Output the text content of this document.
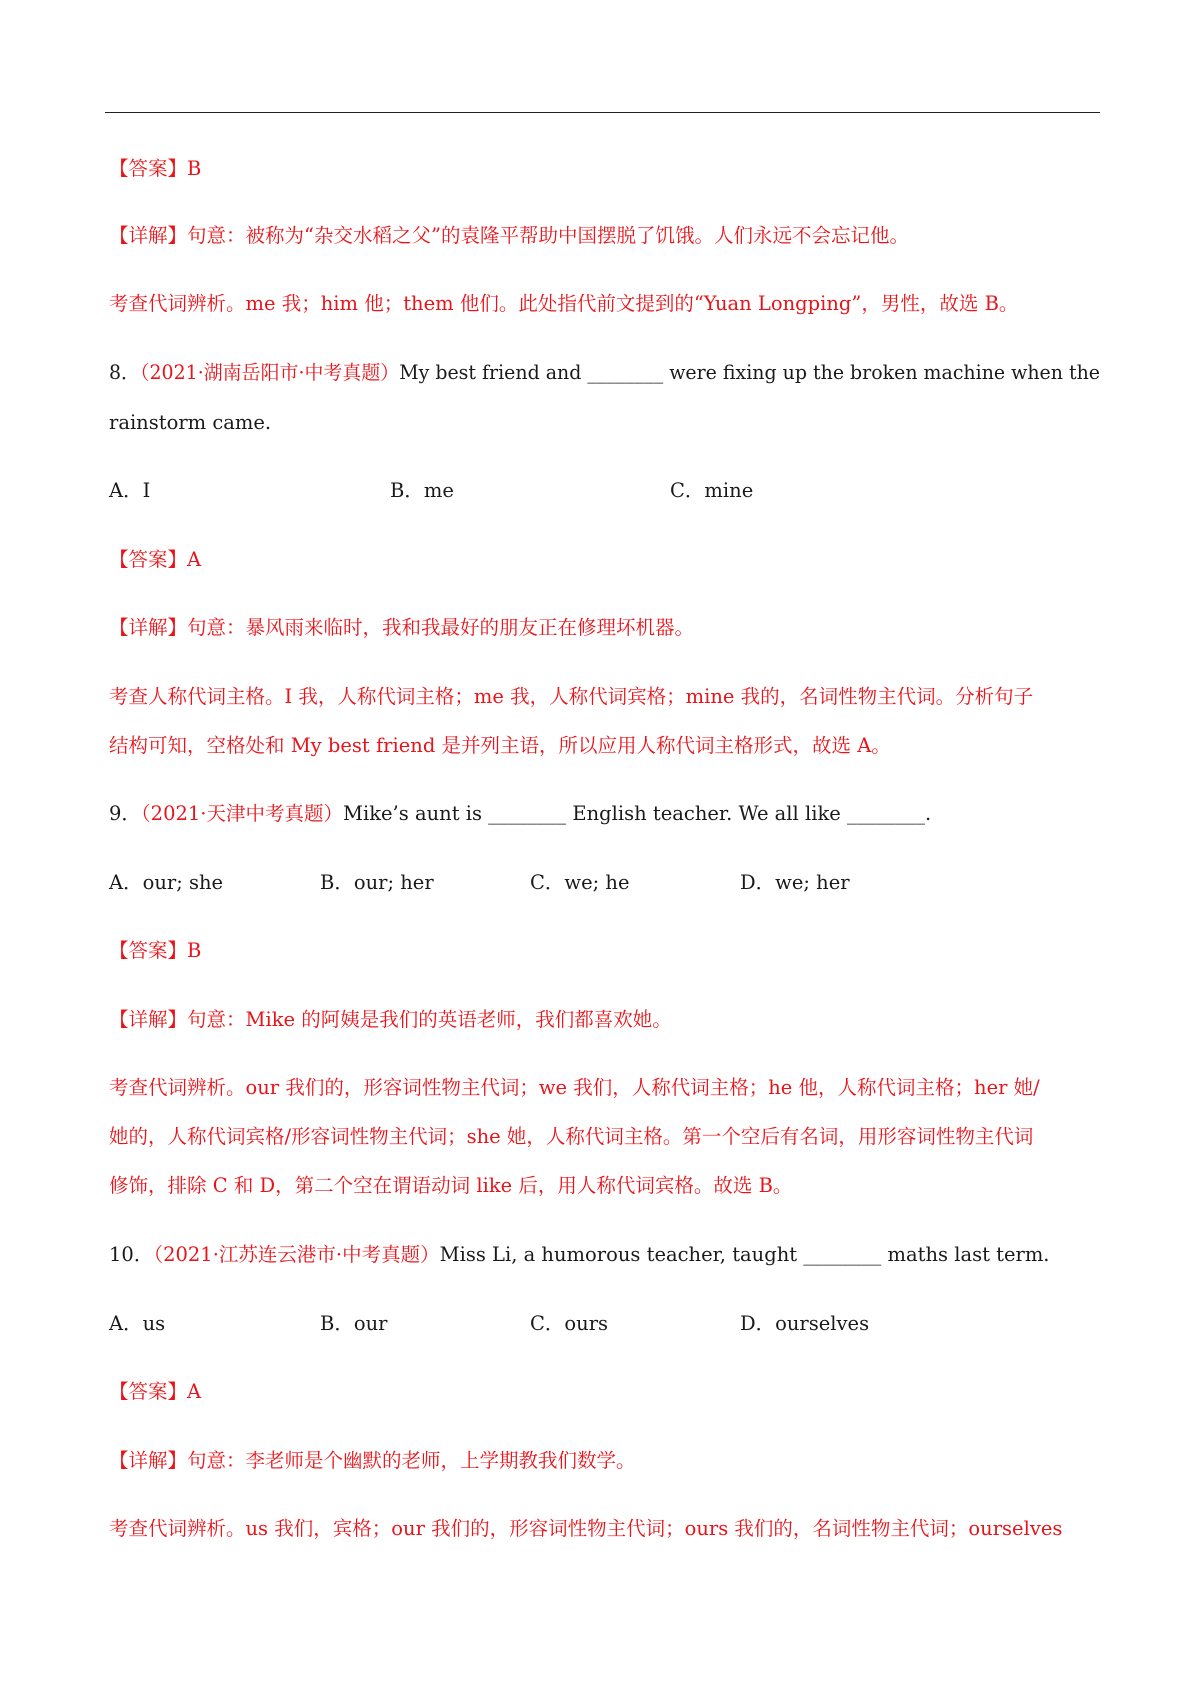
【答案】B
【详解】句意：被称为“杂交水稻之父”的袁隆平帮助中国摆脱了饥饿。人们永远不会忘记他。
考查代词辨析。me 我；him 他；them 他们。此处指代前文提到的“Yuan Longping”，男性，故选 B。
8．（2021·湖南岳阳市·中考真题）My best friend and ________ were fixing up the broken machine when the
rainstorm came.
A．I	B．me	C．mine
【答案】A
【详解】句意：暴风雨来临时，我和我最好的朋友正在修理坏机器。
考查人称代词主格。I 我，人称代词主格；me 我，人称代词宾格；mine 我的，名词性物主代词。分析句子
结构可知，空格处和 My best friend 是并列主语，所以应用人称代词主格形式，故选 A。
9．（2021·天津中考真题）Mike’s aunt is ________ English teacher. We all like ________.
A．our; she	B．our; her	C．we; he	D．we; her
【答案】B
【详解】句意：Mike 的阿姨是我们的英语老师，我们都喜欢她。
考查代词辨析。our 我们的，形容词性物主代词；we 我们，人称代词主格；he 他，人称代词主格；her 她/
她的，人称代词宾格/形容词性物主代词；she 她，人称代词主格。第一个空后有名词，用形容词性物主代词
修饰，排除 C 和 D，第二个空在谓语动词 like 后，用人称代词宾格。故选 B。
10．（2021·江苏连云港市·中考真题）Miss Li, a humorous teacher, taught ________ maths last term.
A．us	B．our	C．ours	D．ourselves
【答案】A
【详解】句意：李老师是个幽默的老师，上学期教我们数学。
考查代词辨析。us 我们，宾格；our 我们的，形容词性物主代词；ours 我们的，名词性物主代词；ourselves
